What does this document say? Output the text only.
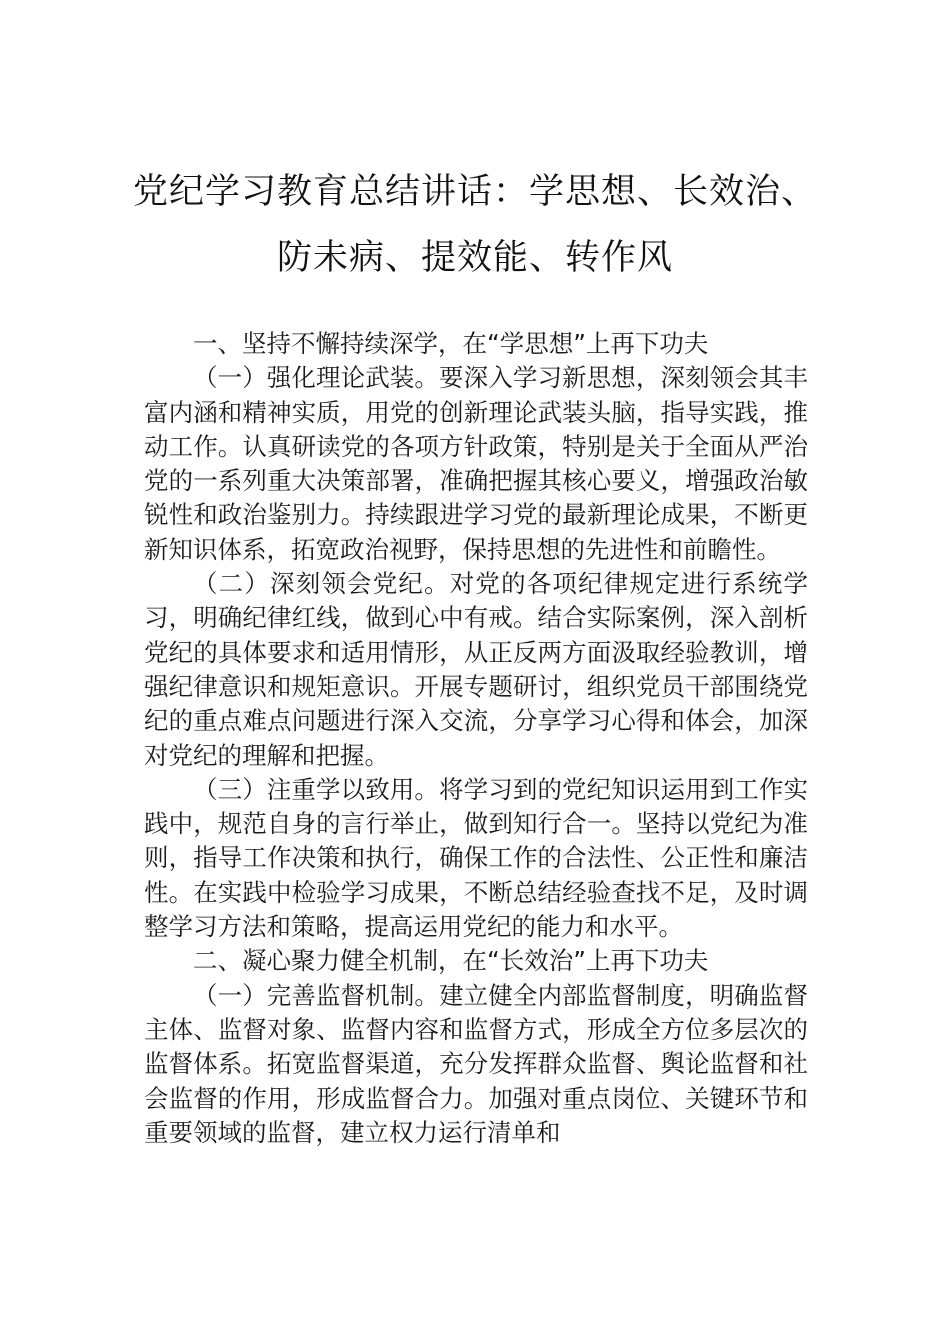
党纪学习教育总结讲话：学思想、长效治、
防未病、提效能、转作风

一、坚持不懈持续深学，在“学思想”上再下功夫

（一）强化理论武装。要深入学习新思想，深刻领会其丰富内涵和精神实质，用党的创新理论武装头脑，指导实践，推动工作。认真研读党的各项方针政策，特别是关于全面从严治党的一系列重大决策部署，准确把握其核心要义，增强政治敏锐性和政治鉴别力。持续跟进学习党的最新理论成果，不断更新知识体系，拓宽政治视野，保持思想的先进性和前瞻性。

（二）深刻领会党纪。对党的各项纪律规定进行系统学习，明确纪律红线，做到心中有戒。结合实际案例，深入剖析党纪的具体要求和适用情形，从正反两方面汲取经验教训，增强纪律意识和规矩意识。开展专题研讨，组织党员干部围绕党纪的重点难点问题进行深入交流，分享学习心得和体会，加深对党纪的理解和把握。

（三）注重学以致用。将学习到的党纪知识运用到工作实践中，规范自身的言行举止，做到知行合一。坚持以党纪为准则，指导工作决策和执行，确保工作的合法性、公正性和廉洁性。在实践中检验学习成果，不断总结经验查找不足，及时调整学习方法和策略，提高运用党纪的能力和水平。

二、凝心聚力健全机制，在“长效治”上再下功夫

（一）完善监督机制。建立健全内部监督制度，明确监督主体、监督对象、监督内容和监督方式，形成全方位多层次的监督体系。拓宽监督渠道，充分发挥群众监督、舆论监督和社会监督的作用，形成监督合力。加强对重点岗位、关键环节和重要领域的监督，建立权力运行清单和
